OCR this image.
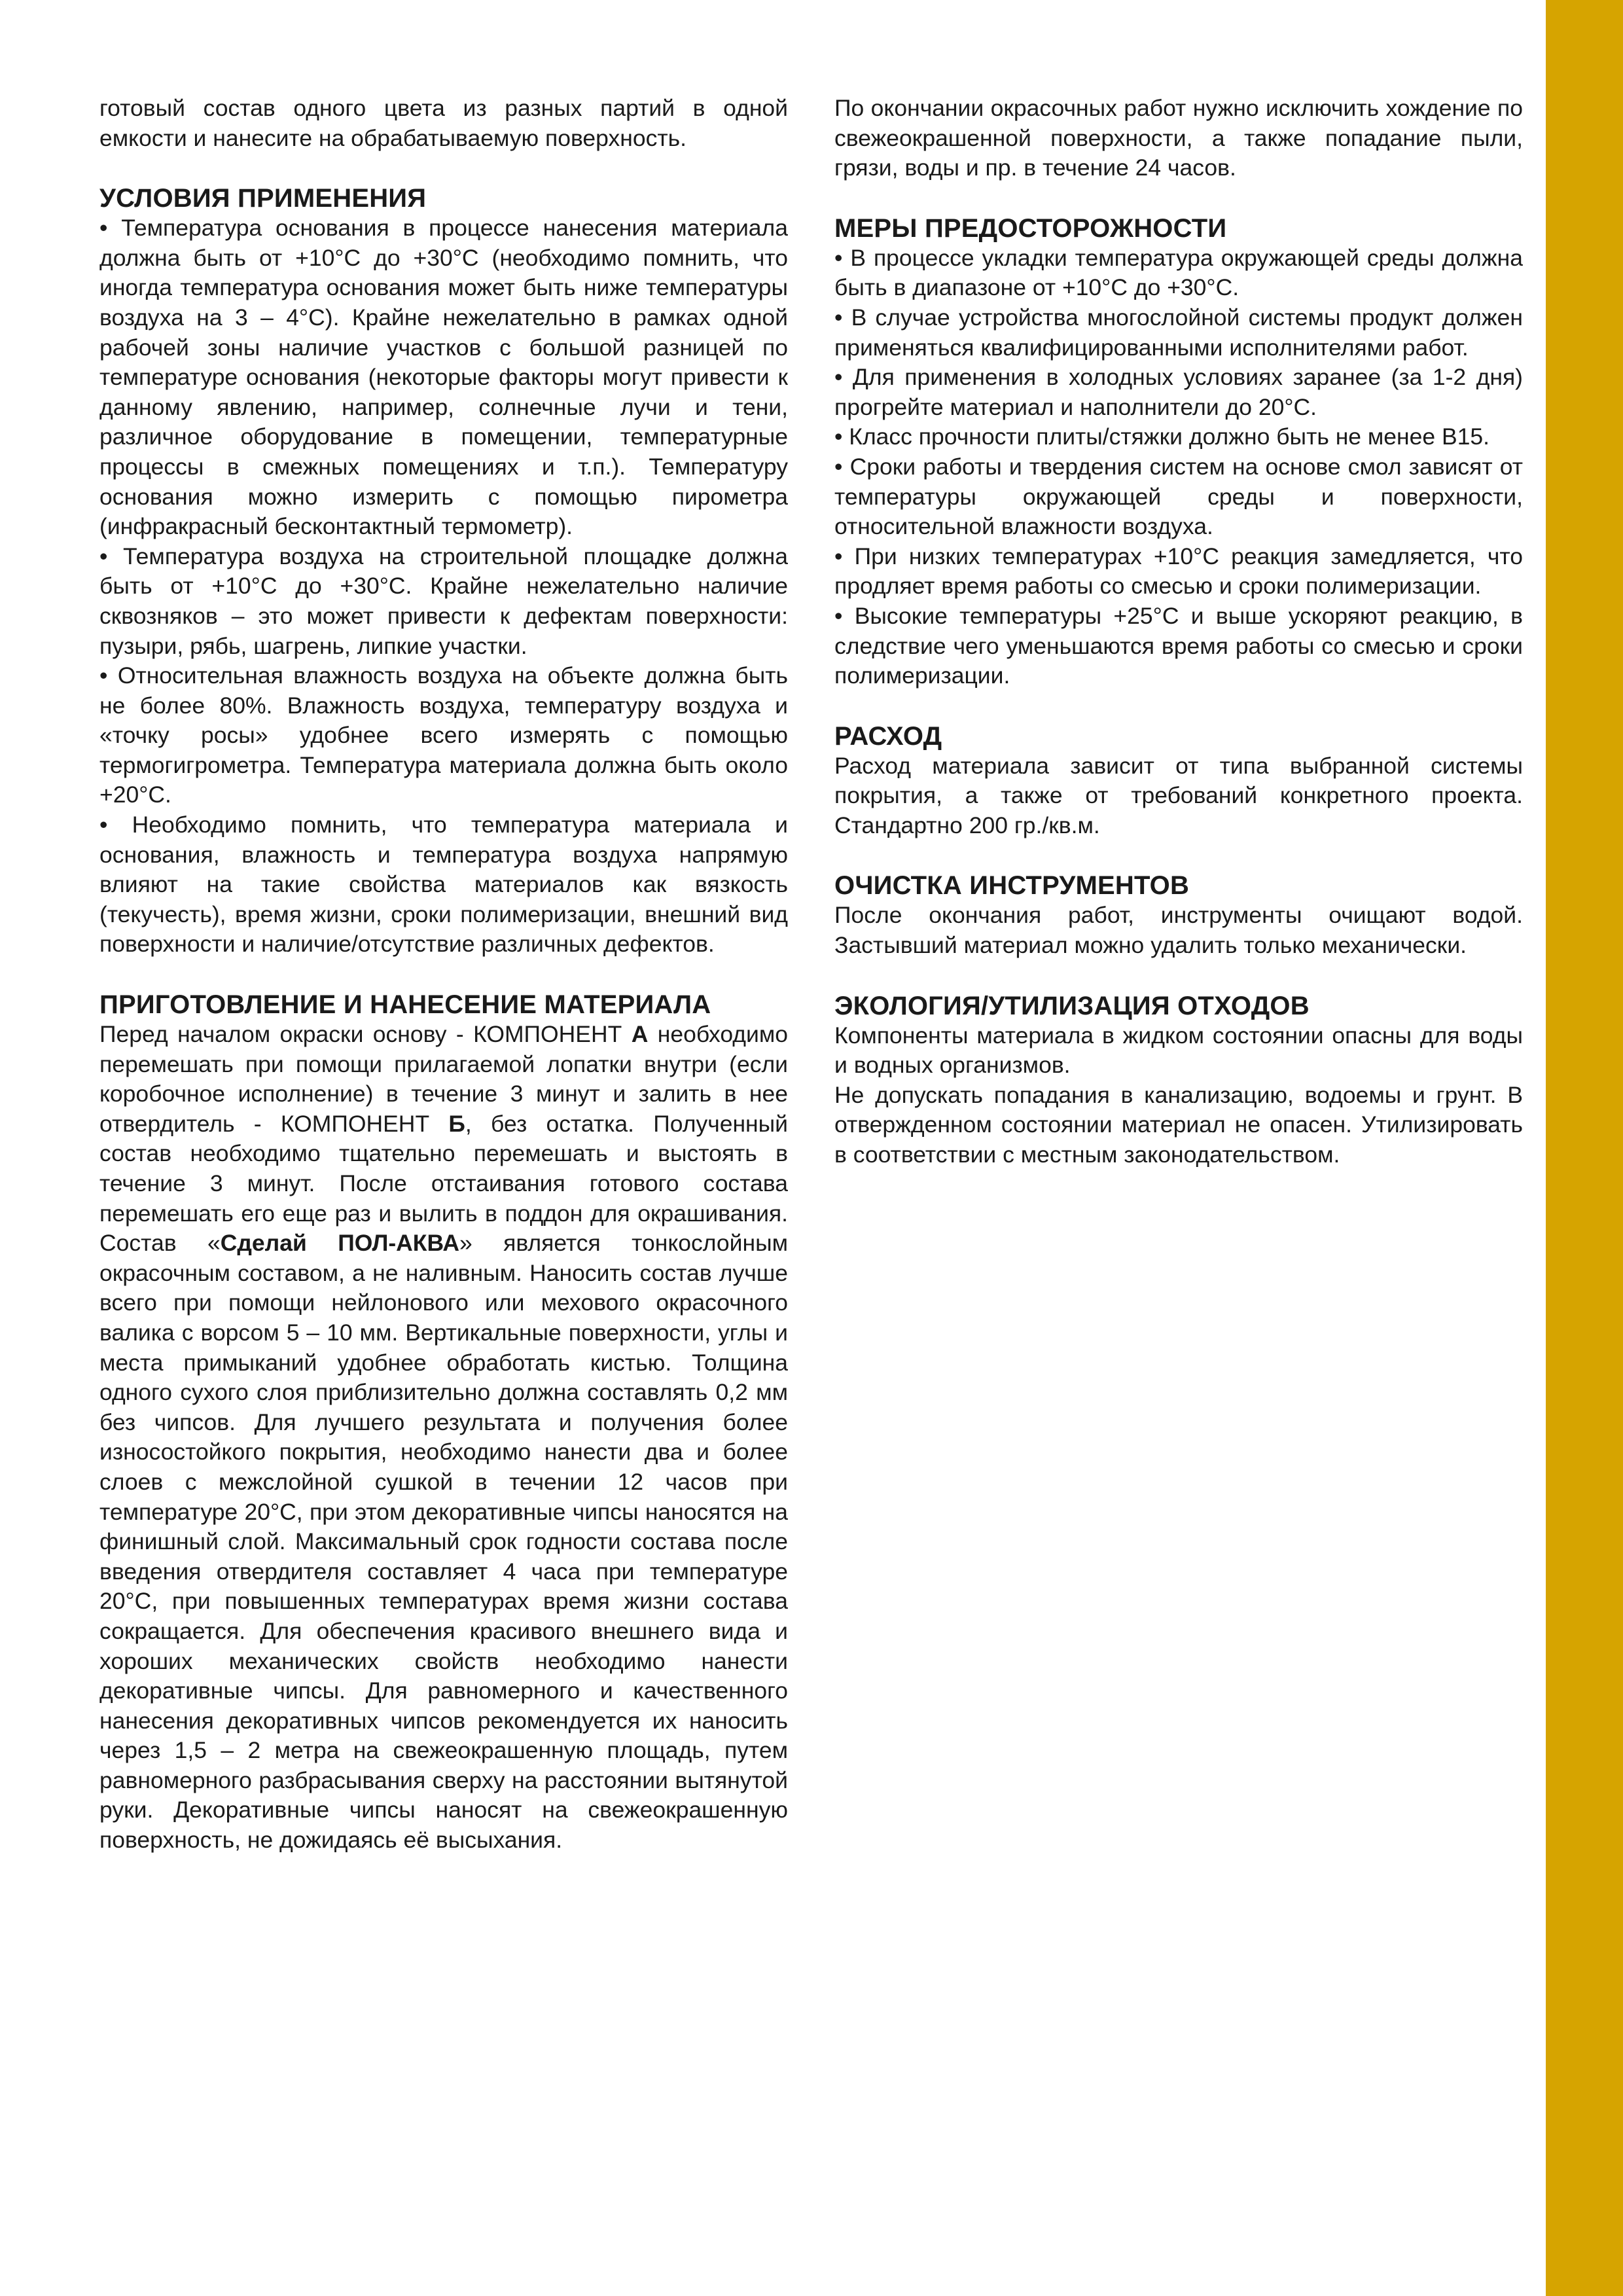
готовый состав одного цвета из разных партий в одной емкости и нанесите на обрабатываемую поверхность.

УСЛОВИЯ ПРИМЕНЕНИЯ

• Температура основания в процессе нанесения материала должна быть от +10°С до +30°С (необходимо помнить, что иногда температура основания может быть ниже температуры воздуха на 3 – 4°С). Крайне нежелательно в рамках одной рабочей зоны наличие участков с большой разницей по температуре основания (некоторые факторы могут привести к данному явлению, например, солнечные лучи и тени, различное оборудование в помещении, температурные процессы в смежных помещениях и т.п.). Температуру основания можно измерить с помощью пирометра (инфракрасный бесконтактный термометр).

• Температура воздуха на строительной площадке должна быть от +10°С до +30°С. Крайне нежелательно наличие сквозняков – это может привести к дефектам поверхности: пузыри, рябь, шагрень, липкие участки.

• Относительная влажность воздуха на объекте должна быть не более 80%. Влажность воздуха, температуру воздуха и «точку росы» удобнее всего измерять с помощью термогигрометра. Температура материала должна быть около +20°С.

• Необходимо помнить, что температура материала и основания, влажность и температура воздуха напрямую влияют на такие свойства материалов как вязкость (текучесть), время жизни, сроки полимеризации, внешний вид поверхности и наличие/отсутствие различных дефектов.

ПРИГОТОВЛЕНИЕ И НАНЕСЕНИЕ МАТЕРИАЛА

Перед началом окраски основу - КОМПОНЕНТ А необходимо перемешать при помощи прилагаемой лопатки внутри (если коробочное исполнение) в течение 3 минут и залить в нее отвердитель - КОМПОНЕНТ Б, без остатка. Полученный состав необходимо тщательно перемешать и выстоять в течение 3 минут. После отстаивания готового состава перемешать его еще раз и вылить в поддон для окрашивания. Состав «Сделай ПОЛ-АКВА» является тонкослойным окрасочным составом, а не наливным. Наносить состав лучше всего при помощи нейлонового или мехового окрасочного валика с ворсом 5 – 10 мм. Вертикальные поверхности, углы и места примыканий удобнее обработать кистью. Толщина одного сухого слоя приблизительно должна составлять 0,2 мм без чипсов. Для лучшего результата и получения более износостойкого покрытия, необходимо нанести два и более слоев с межслойной сушкой в течении 12 часов при температуре 20°С, при этом декоративные чипсы наносятся на финишный слой. Максимальный срок годности состава после введения отвердителя составляет 4 часа при температуре 20°С, при повышенных температурах время жизни состава сокращается. Для обеспечения красивого внешнего вида и хороших механических свойств необходимо нанести декоративные чипсы. Для равномерного и качественного нанесения декоративных чипсов рекомендуется их наносить через 1,5 – 2 метра на свежеокрашенную площадь, путем равномерного разбрасывания сверху на расстоянии вытянутой руки. Декоративные чипсы наносят на свежеокрашенную поверхность, не дожидаясь её высыхания.

По окончании окрасочных работ нужно исключить хождение по свежеокрашенной поверхности, а также попадание пыли, грязи, воды и пр. в течение 24 часов.

МЕРЫ ПРЕДОСТОРОЖНОСТИ

• В процессе укладки температура окружающей среды должна быть в диапазоне от +10°С до +30°С.

• В случае устройства многослойной системы продукт должен применяться квалифицированными исполнителями работ.

• Для применения в холодных условиях заранее (за 1-2 дня) прогрейте материал и наполнители до 20°С.

• Класс прочности плиты/стяжки должно быть не менее В15.

• Сроки работы и твердения систем на основе смол зависят от температуры окружающей среды и поверхности, относительной влажности воздуха.

• При низких температурах +10°С реакция замедляется, что продляет время работы со смесью и сроки полимеризации.

• Высокие температуры +25°С и выше ускоряют реакцию, в следствие чего уменьшаются время работы со смесью и сроки полимеризации.

РАСХОД

Расход материала зависит от типа выбранной системы покрытия, а также от требований конкретного проекта. Стандартно 200 гр./кв.м.

ОЧИСТКА ИНСТРУМЕНТОВ

После окончания работ, инструменты очищают водой. Застывший материал можно удалить только механически.

ЭКОЛОГИЯ/УТИЛИЗАЦИЯ ОТХОДОВ

Компоненты материала в жидком состоянии опасны для воды и водных организмов.

Не допускать попадания в канализацию, водоемы и грунт. В отвержденном состоянии материал не опасен. Утилизировать в соответствии с местным законодательством.
